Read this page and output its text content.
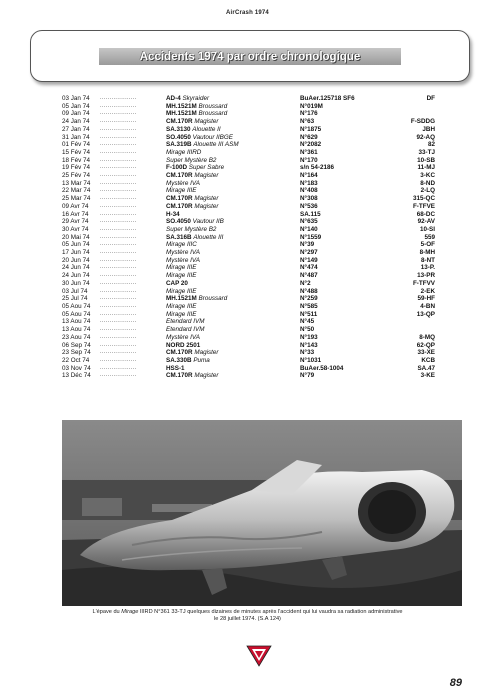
AirCrash 1974
Accidents 1974 par ordre chronologique
03 Jan 74	...................	AD-4 Skyraider	BuAer.125718 SF6	DF
05 Jan 74	...................	MH.1521M Broussard	N°019M	
09 Jan 74	...................	MH.1521M Broussard	N°176	
24 Jan 74	...................	CM.170R Magister	N°63	F-SDDG
27 Jan 74	...................	SA.3130 Alouette II	N°1875	JBH
31 Jan 74	...................	SO.4050 Vautour IIBGE	N°629	92-AQ
01 Fév 74	...................	SA.319B Alouette III ASM	N°2082	82
15 Fév 74	...................	Mirage IIIRD	N°361	33-TJ
18 Fév 74	...................	Super Mystère B2	N°170	10-SB
19 Fév 74	...................	F-100D Super Sabre	s/n 54-2186	11-MJ
25 Fév 74	...................	CM.170R Magister	N°164	3-KC
13 Mar 74	...................	Mystère IVA	N°183	8-ND
22 Mar 74	...................	Mirage IIIE	N°408	2-LQ
25 Mar 74	...................	CM.170R Magister	N°308	315-QC
09 Avr 74	...................	CM.170R Magister	N°536	F-TFVE
16 Avr 74	...................	H-34	SA.115	68-DC
29 Avr 74	...................	SO.4050 Vautour IIB	N°635	92-AV
30 Avr 74	...................	Super Mystère B2	N°140	10-SI
20 Mai 74	...................	SA.316B Alouette III	N°1559	559
05 Jun 74	...................	Mirage IIIC	N°39	5-OF
17 Jun 74	...................	Mystère IVA	N°297	8-MH
20 Jun 74	...................	Mystère IVA	N°149	8-NT
24 Jun 74	...................	Mirage IIIE	N°474	13-P.
24 Jun 74	...................	Mirage IIIE	N°487	13-PR
30 Jun 74	...................	CAP 20	N°2	F-TFVV
03 Jul 74	...................	Mirage IIIE	N°488	2-EK
25 Jul 74	...................	MH.1521M Broussard	N°259	59-HF
05 Aou 74	...................	Mirage IIIE	N°585	4-BN
05 Aou 74	...................	Mirage IIIE	N°511	13-QP
13 Aou 74	...................	Etendard IVM	N°45	
13 Aou 74	...................	Etendard IVM	N°50	
23 Aou 74	...................	Mystère IVA	N°193	8-MQ
06 Sep 74	...................	NORD 2501	N°143	62-QP
23 Sep 74	...................	CM.170R Magister	N°33	33-XE
22 Oct 74	...................	SA.330B Puma	N°1031	KCB
03 Nov 74	...................	HSS-1	BuAer.58-1004	SA.47
13 Déc 74	...................	CM.170R Magister	N°79	3-KE
L'épave du Mirage IIIRD N°361 33-TJ quelques dizaines de minutes après l'accident qui lui vaudra sa radiation administrative
le 28 juillet 1974. (S.A 124)
89
